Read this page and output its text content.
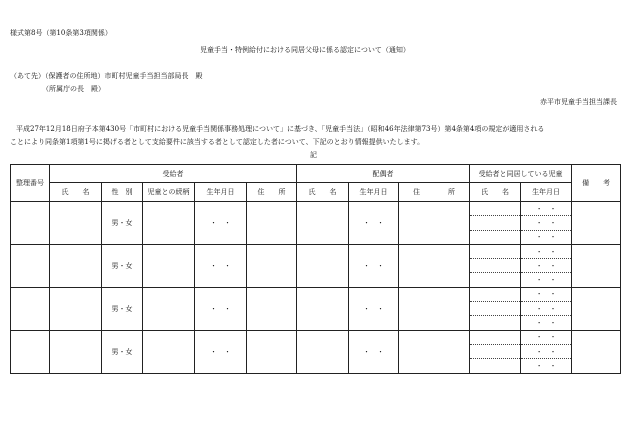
様式第8号（第10条第3項関係）
児童手当・特例給付における同居父母に係る認定について（通知）
（あて先）（保護者の住所地）市町村児童手当担当部局長　殿
（所属庁の長　殿）
赤平市児童手当担当課長
平成27年12月18日府子本第430号「市町村における児童手当関係事務処理について」に基づき、「児童手当法」（昭和46年法律第73号）第4条第4項の規定が適用される
ことにより同条第1項第1号に掲げる者として支給要件に該当する者として認定した者について、下記のとおり情報提供いたします。
記
整理番号	受給者					配偶者			受給者と同居している児童		備　　考
	氏　　名	性　別	児童との続柄	生年月日	住　　所	氏　　名	生年月日	住　　　　所	氏　　名	生年月日	
		男・女		・　・			・　・			・　・	
										・　・	
										・　・	
		男・女		・　・			・　・			・　・	
										・　・	
										・　・	
		男・女		・　・			・　・			・　・	
										・　・	
										・　・	
		男・女		・　・			・　・			・　・	
										・　・	
										・　・	
